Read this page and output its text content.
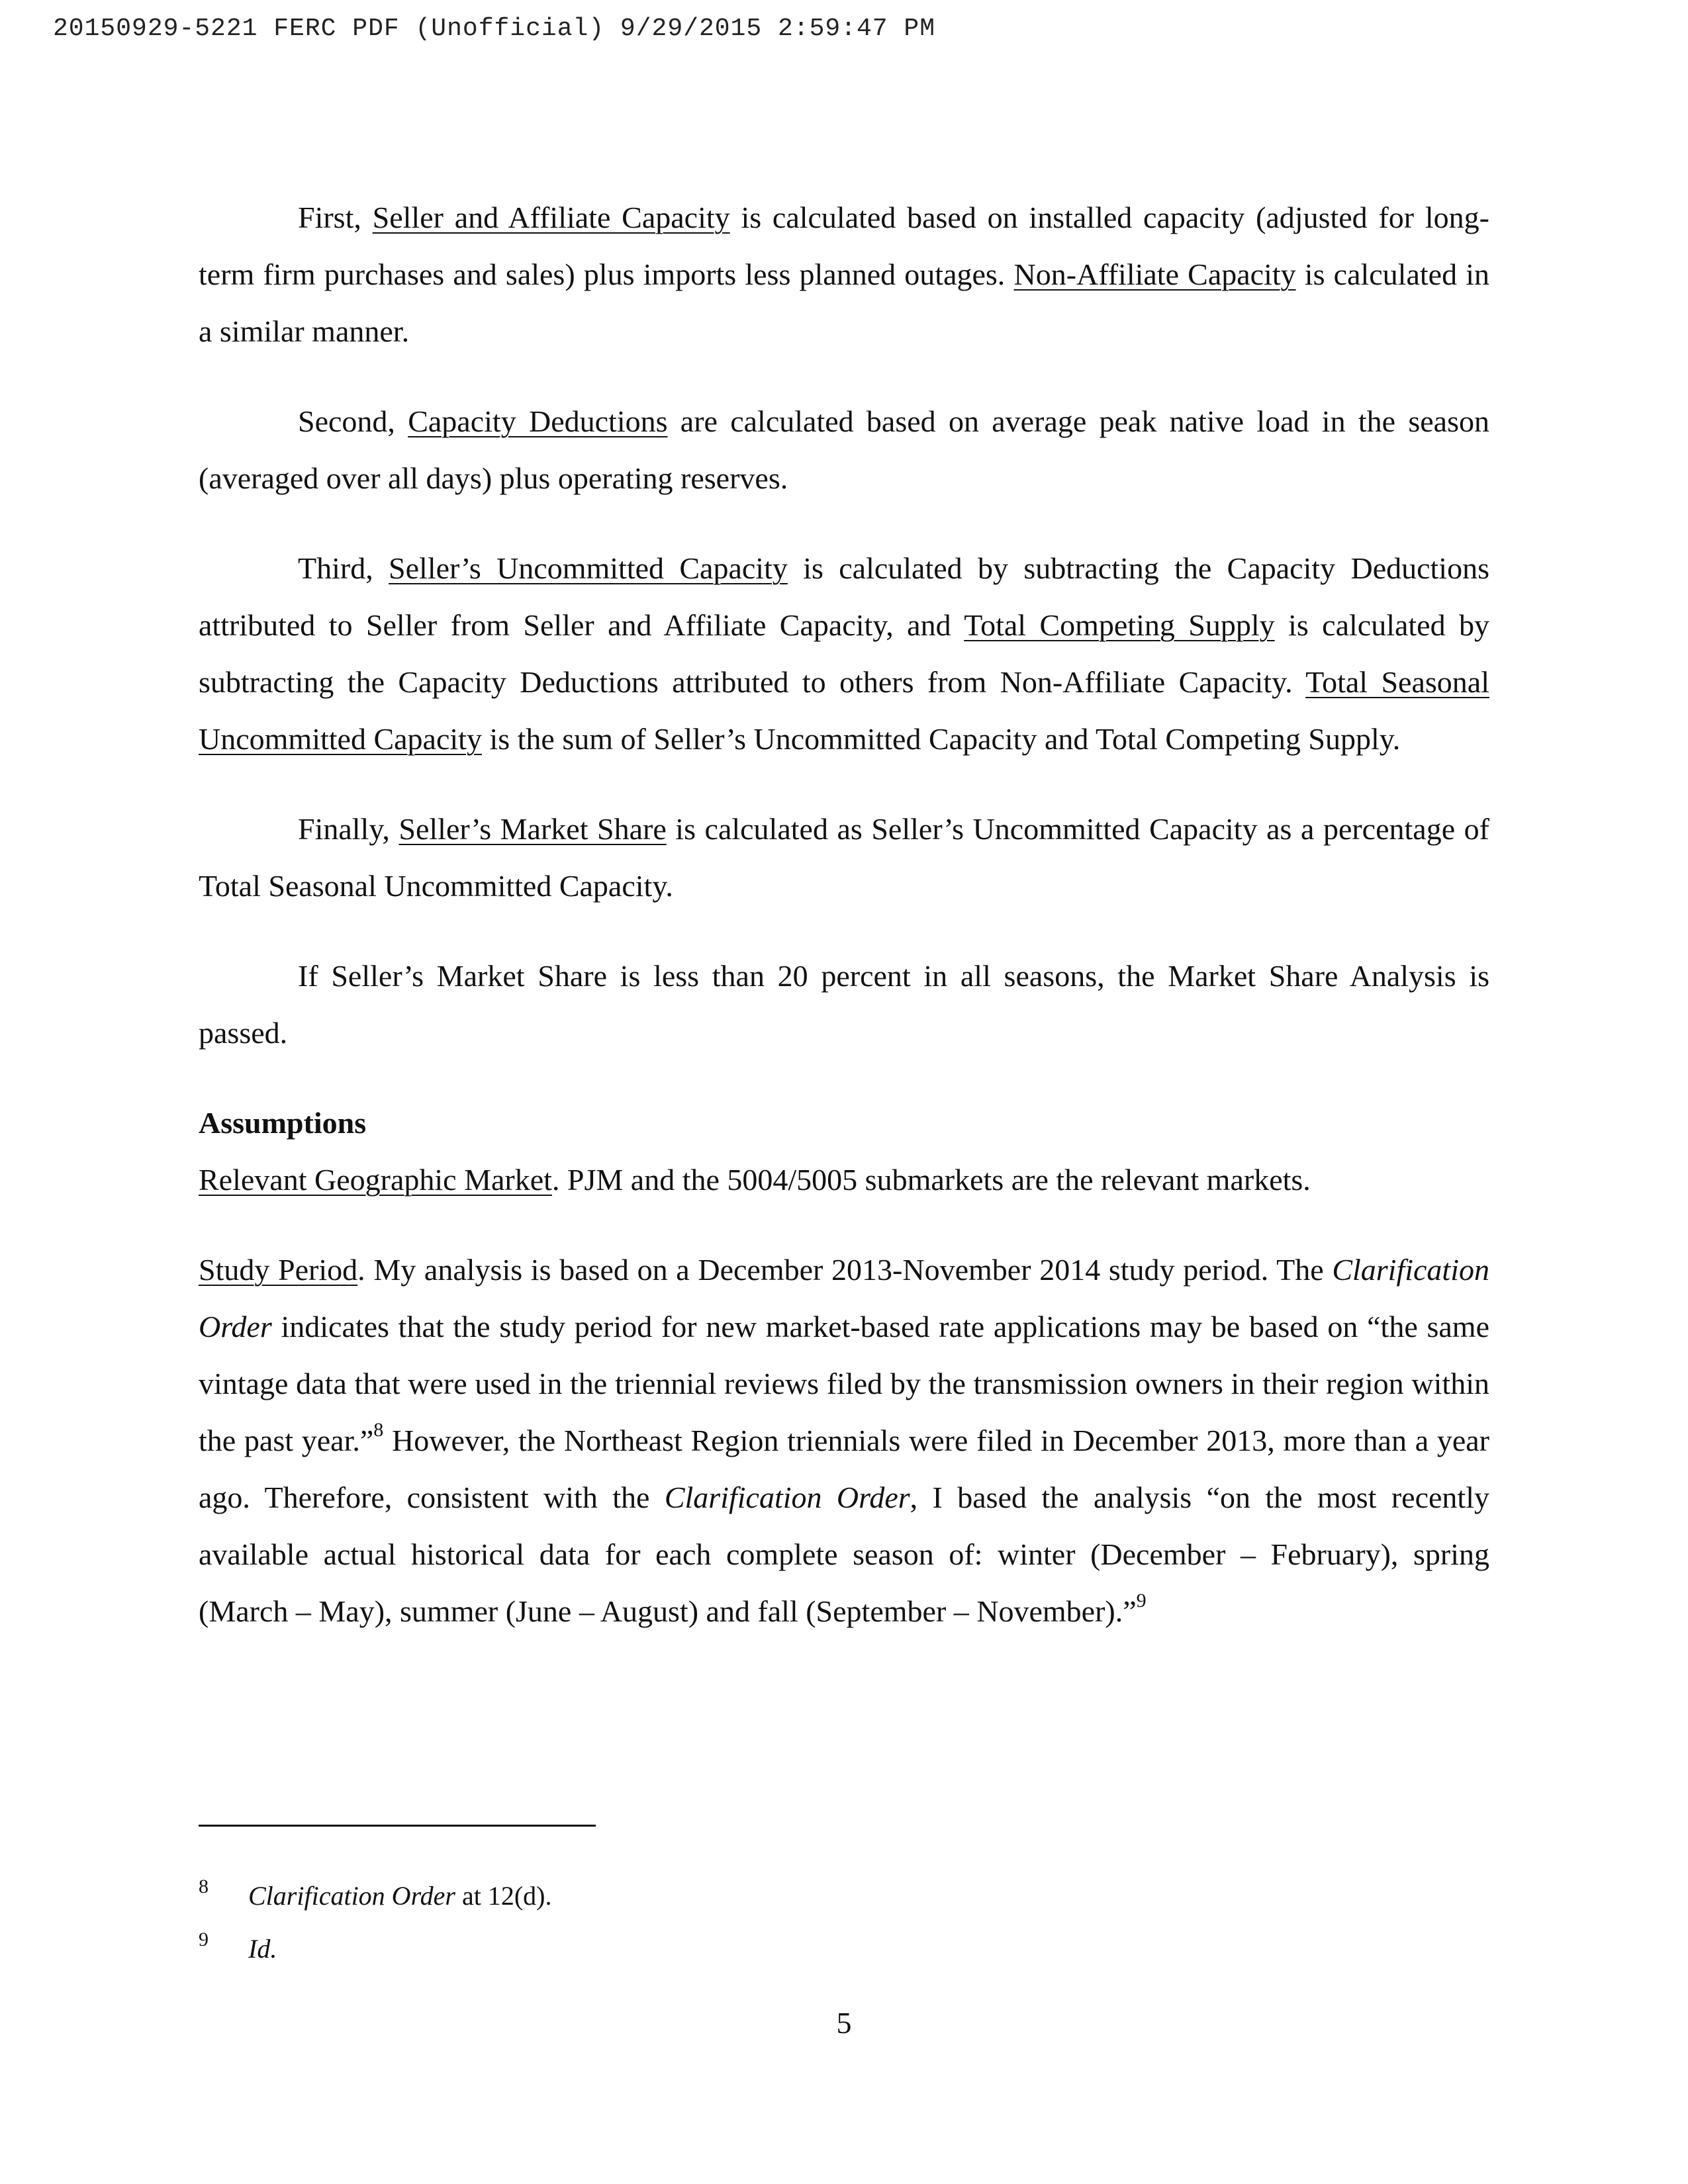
20150929-5221 FERC PDF (Unofficial) 9/29/2015 2:59:47 PM

First, Seller and Affiliate Capacity is calculated based on installed capacity (adjusted for long-term firm purchases and sales) plus imports less planned outages. Non-Affiliate Capacity is calculated in a similar manner.

Second, Capacity Deductions are calculated based on average peak native load in the season (averaged over all days) plus operating reserves.

Third, Seller’s Uncommitted Capacity is calculated by subtracting the Capacity Deductions attributed to Seller from Seller and Affiliate Capacity, and Total Competing Supply is calculated by subtracting the Capacity Deductions attributed to others from Non-Affiliate Capacity. Total Seasonal Uncommitted Capacity is the sum of Seller’s Uncommitted Capacity and Total Competing Supply.

Finally, Seller’s Market Share is calculated as Seller’s Uncommitted Capacity as a percentage of Total Seasonal Uncommitted Capacity.

If Seller’s Market Share is less than 20 percent in all seasons, the Market Share Analysis is passed.

Assumptions

Relevant Geographic Market. PJM and the 5004/5005 submarkets are the relevant markets.

Study Period. My analysis is based on a December 2013-November 2014 study period. The Clarification Order indicates that the study period for new market-based rate applications may be based on “the same vintage data that were used in the triennial reviews filed by the transmission owners in their region within the past year.”$^8$ However, the Northeast Region triennials were filed in December 2013, more than a year ago. Therefore, consistent with the Clarification Order, I based the analysis “on the most recently available actual historical data for each complete season of: winter (December – February), spring (March – May), summer (June – August) and fall (September – November).”$^9$

8 Clarification Order at 12(d).
9 Id.
5
